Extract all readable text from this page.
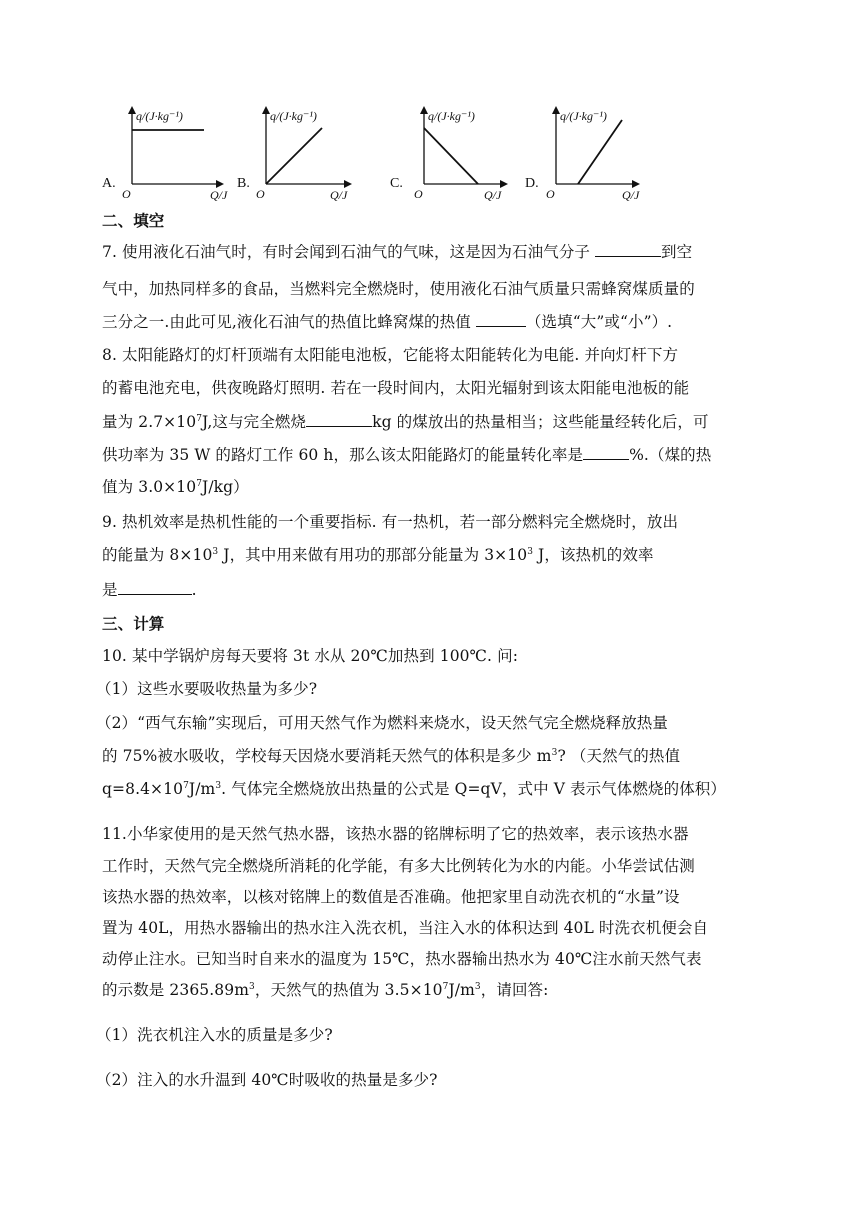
A.
q/(J·kg⁻¹)
Q/J
O
B.
q/(J·kg⁻¹)
Q/J
O
C.
q/(J·kg⁻¹)
Q/J
O
D.
q/(J·kg⁻¹)
Q/J
O
二、填空
7. 使用液化石油气时，有时会闻到石油气的气味，这是因为石油气分子	到空
气中，加热同样多的食品，当燃料完全燃烧时，使用液化石油气质量只需蜂窝煤质量的
三分之一.由此可见,液化石油气的热值比蜂窝煤的热值	（选填“大”或“小”）.
8. 太阳能路灯的灯杆顶端有太阳能电池板，它能将太阳能转化为电能. 并向灯杆下方
的蓄电池充电，供夜晚路灯照明. 若在一段时间内，太阳光辐射到该太阳能电池板的能
量为 $2.7\times 10^7J$,这与完全燃烧	kg 的煤放出的热量相当；这些能量经转化后，可
供功率为 35 W 的路灯工作 60 h，那么该太阳能路灯的能量转化率是	%.（煤的热
值为 $3.0\times 10^7J/kg$）
9. 热机效率是热机性能的一个重要指标. 有一热机，若一部分燃料完全燃烧时，放出
的能量为 $8\times 10^3$ J，其中用来做有用功的那部分能量为 $3\times 10^3$ J，该热机的效率
是	.
三、计算
10. 某中学锅炉房每天要将 3t 水从 20℃加热到 100℃. 问:
（1）这些水要吸收热量为多少?
（2）“西气东输”实现后，可用天然气作为燃料来烧水，设天然气完全燃烧释放热量
的 75%被水吸收，学校每天因烧水要消耗天然气的体积是多少 $m^3$? （天然气的热值
$q=8.4\times 10^7J/m^3$. 气体完全燃烧放出热量的公式是 Q=qV，式中 V 表示气体燃烧的体积）
11.小华家使用的是天然气热水器，该热水器的铭牌标明了它的热效率，表示该热水器
工作时，天然气完全燃烧所消耗的化学能，有多大比例转化为水的内能。小华尝试估测
该热水器的热效率，以核对铭牌上的数值是否准确。他把家里自动洗衣机的“水量”设
置为 40L，用热水器输出的热水注入洗衣机，当注入水的体积达到 40L 时洗衣机便会自
动停止注水。已知当时自来水的温度为 15℃，热水器输出热水为 40℃注水前天然气表
的示数是 $2365.89m^3$，天然气的热值为 $3.5\times 10^7J/m^3$，请回答:
（1）洗衣机注入水的质量是多少?
（2）注入的水升温到 40℃时吸收的热量是多少?
